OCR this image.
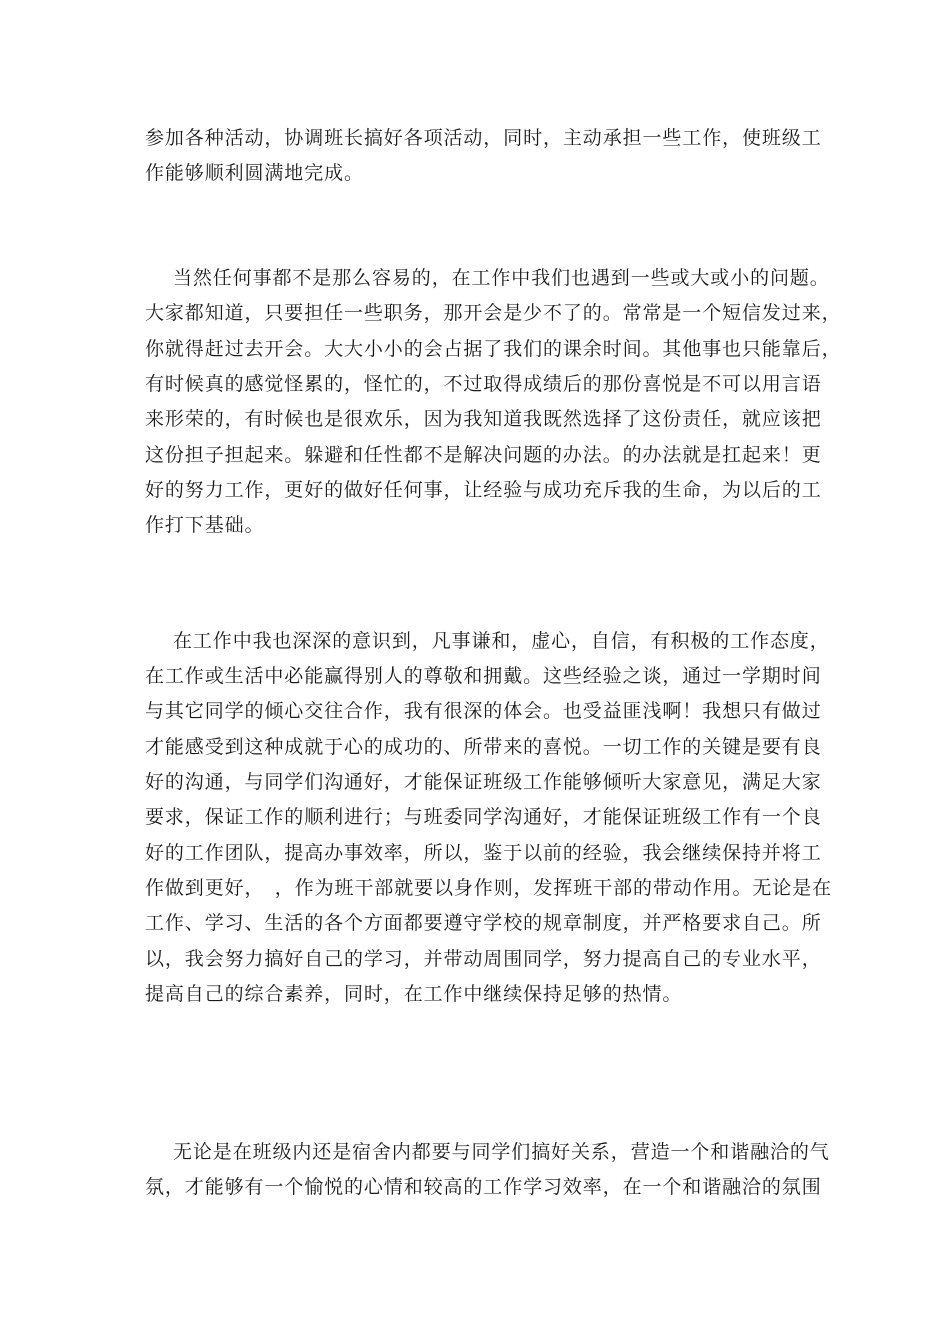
参加各种活动，协调班长搞好各项活动，同时，主动承担一些工作，使班级工
作能够顺利圆满地完成。
当然任何事都不是那么容易的，在工作中我们也遇到一些或大或小的问题。
大家都知道，只要担任一些职务，那开会是少不了的。常常是一个短信发过来，
你就得赶过去开会。大大小小的会占据了我们的课余时间。其他事也只能靠后，
有时候真的感觉怪累的，怪忙的，不过取得成绩后的那份喜悦是不可以用言语
来形荣的，有时候也是很欢乐，因为我知道我既然选择了这份责任，就应该把
这份担子担起来。躲避和任性都不是解决问题的办法。的办法就是扛起来！更
好的努力工作，更好的做好任何事，让经验与成功充斥我的生命，为以后的工
作打下基础。
在工作中我也深深的意识到，凡事谦和，虚心，自信，有积极的工作态度，
在工作或生活中必能赢得别人的尊敬和拥戴。这些经验之谈，通过一学期时间
与其它同学的倾心交往合作，我有很深的体会。也受益匪浅啊！我想只有做过
才能感受到这种成就于心的成功的、所带来的喜悦。一切工作的关键是要有良
好的沟通，与同学们沟通好，才能保证班级工作能够倾听大家意见，满足大家
要求，保证工作的顺利进行；与班委同学沟通好，才能保证班级工作有一个良
好的工作团队，提高办事效率，所以，鉴于以前的经验，我会继续保持并将工
作做到更好，　，作为班干部就要以身作则，发挥班干部的带动作用。无论是在
工作、学习、生活的各个方面都要遵守学校的规章制度，并严格要求自己。所
以，我会努力搞好自己的学习，并带动周围同学，努力提高自己的专业水平，
提高自己的综合素养，同时，在工作中继续保持足够的热情。
无论是在班级内还是宿舍内都要与同学们搞好关系，营造一个和谐融洽的气
氛，才能够有一个愉悦的心情和较高的工作学习效率，在一个和谐融洽的氛围
